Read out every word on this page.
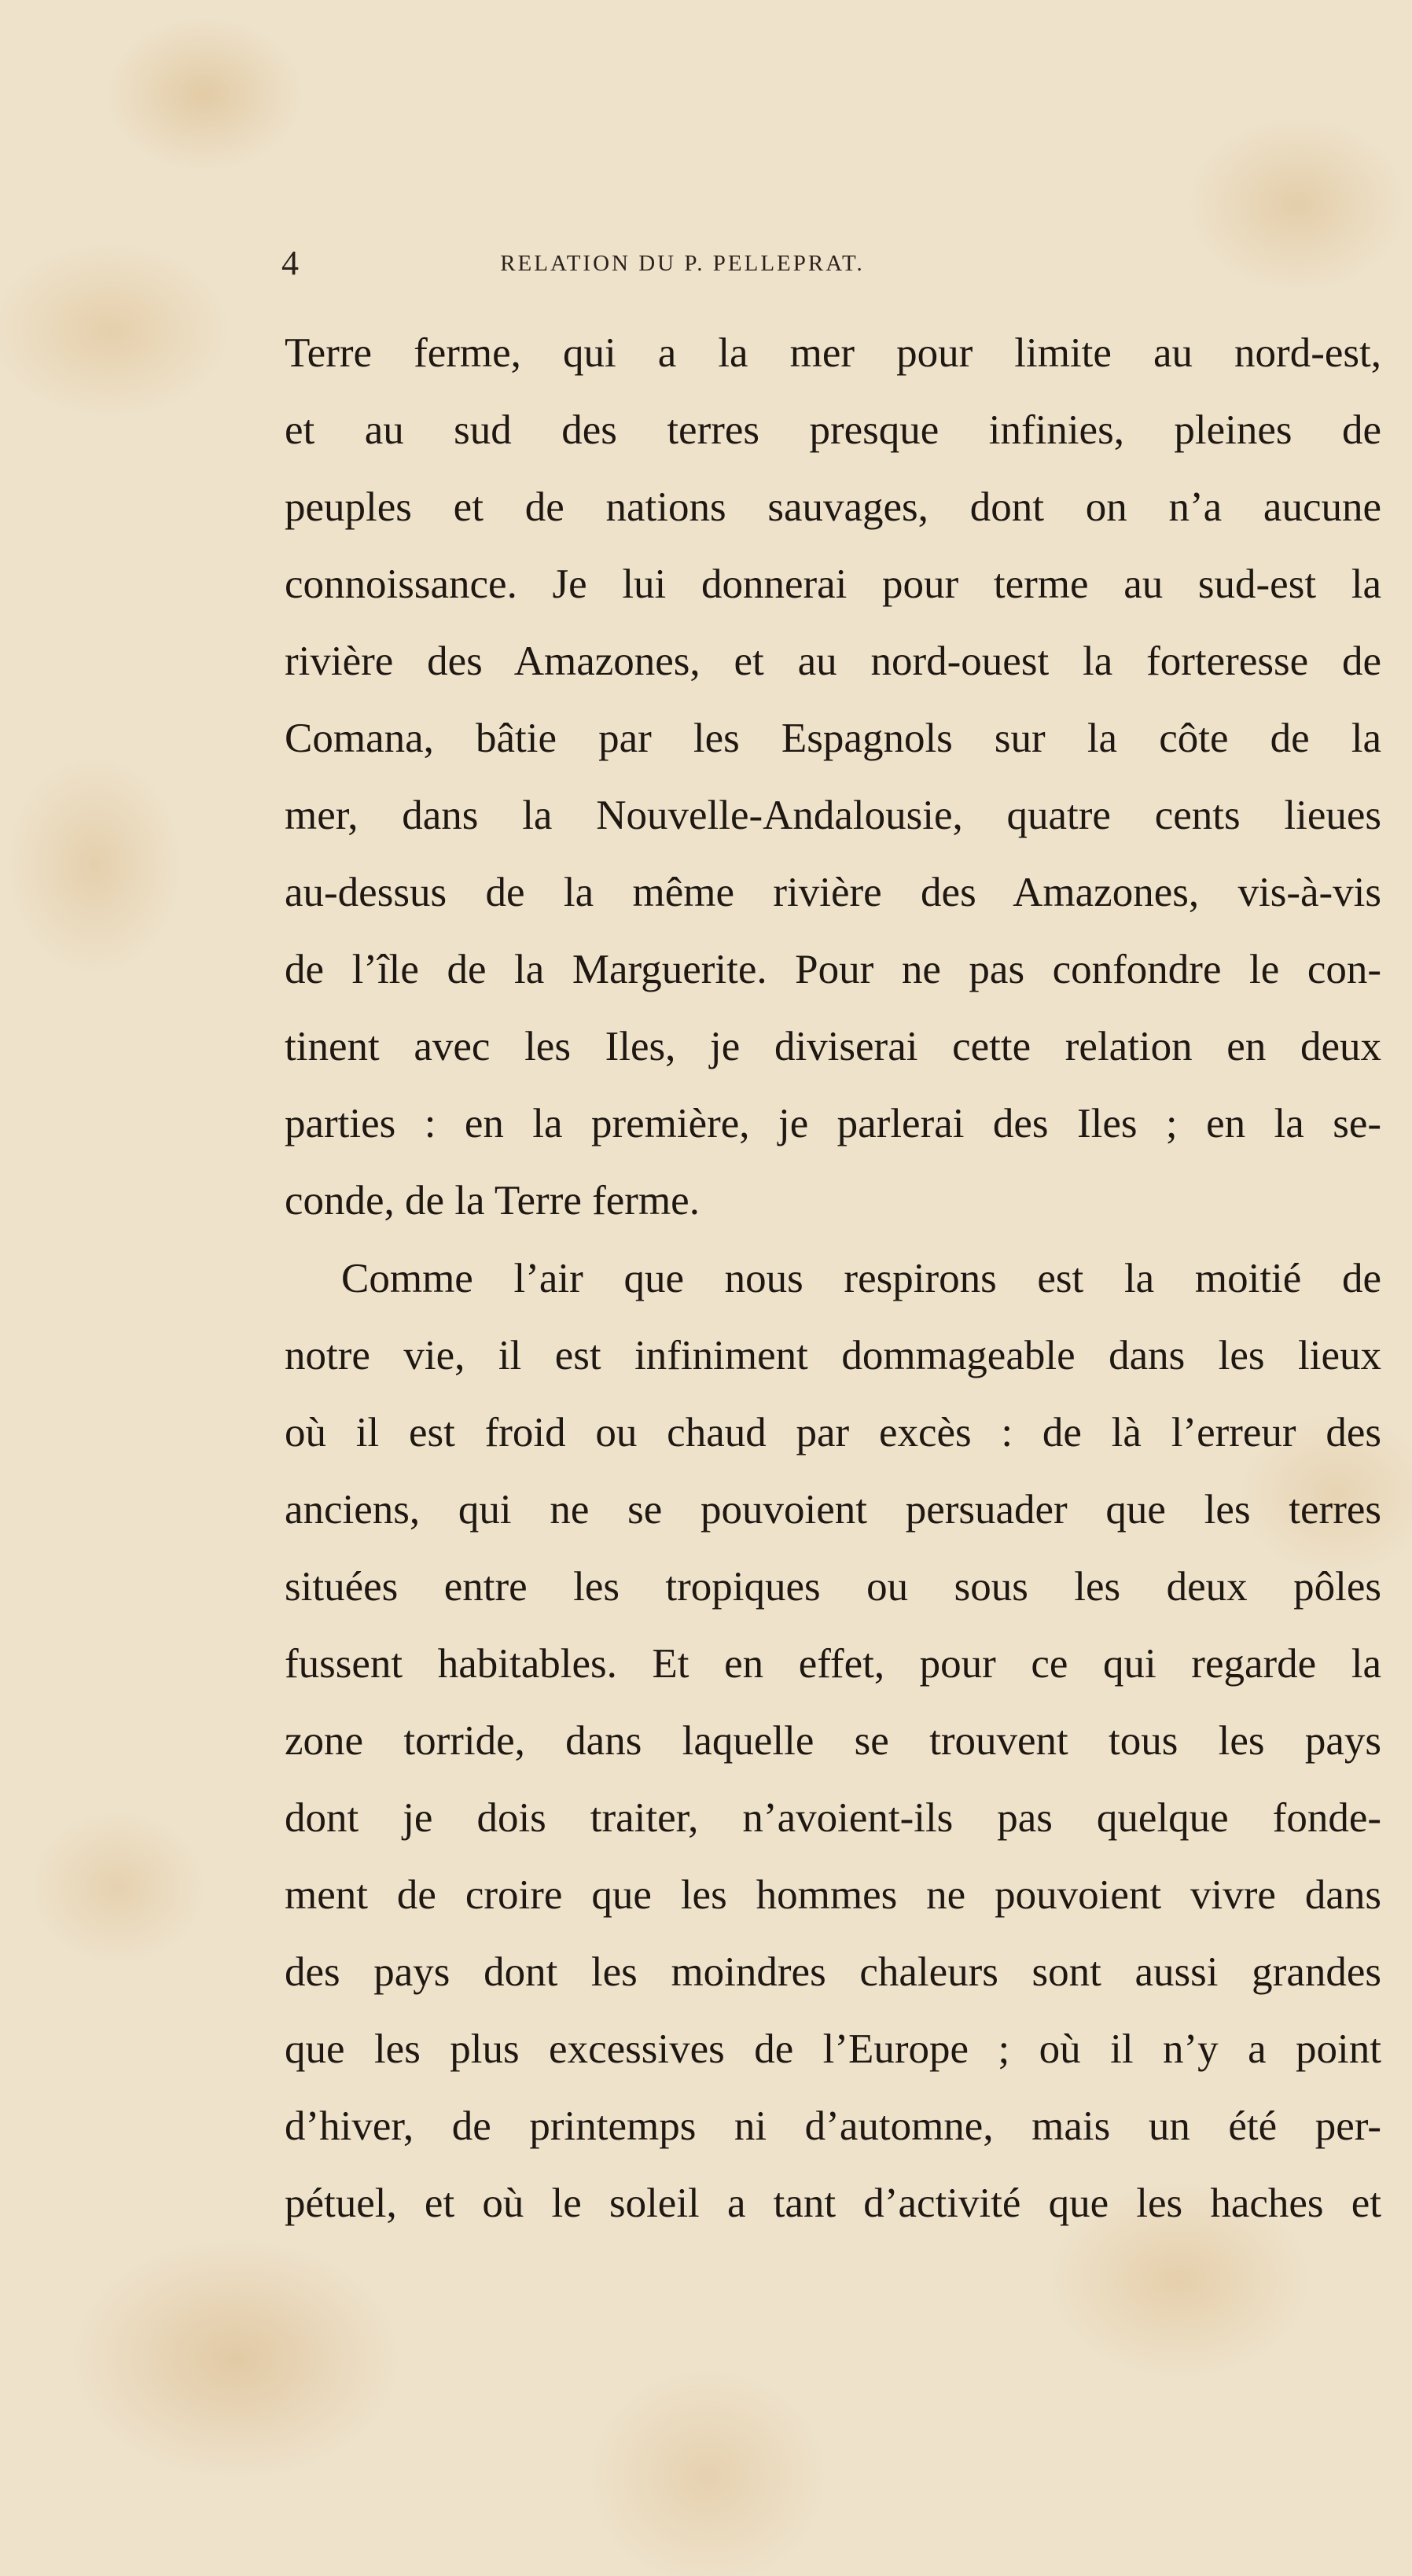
4	RELATION DU P. PELLEPRAT.
Terre ferme, qui a la mer pour limite au nord-est,
et au sud des terres presque infinies, pleines de
peuples et de nations sauvages, dont on n’a aucune
connoissance. Je lui donnerai pour terme au sud-est la
rivière des Amazones, et au nord-ouest la forteresse de
Comana, bâtie par les Espagnols sur la côte de la
mer, dans la Nouvelle-Andalousie, quatre cents lieues
au-dessus de la même rivière des Amazones, vis-à-vis
de l’île de la Marguerite. Pour ne pas confondre le con-
tinent avec les Iles, je diviserai cette relation en deux
parties : en la première, je parlerai des Iles ; en la se-
conde, de la Terre ferme.
Comme l’air que nous respirons est la moitié de
notre vie, il est infiniment dommageable dans les lieux
où il est froid ou chaud par excès : de là l’erreur des
anciens, qui ne se pouvoient persuader que les terres
situées entre les tropiques ou sous les deux pôles
fussent habitables. Et en effet, pour ce qui regarde la
zone torride, dans laquelle se trouvent tous les pays
dont je dois traiter, n’avoient-ils pas quelque fonde-
ment de croire que les hommes ne pouvoient vivre dans
des pays dont les moindres chaleurs sont aussi grandes
que les plus excessives de l’Europe ; où il n’y a point
d’hiver, de printemps ni d’automne, mais un été per-
pétuel, et où le soleil a tant d’activité que les haches et
